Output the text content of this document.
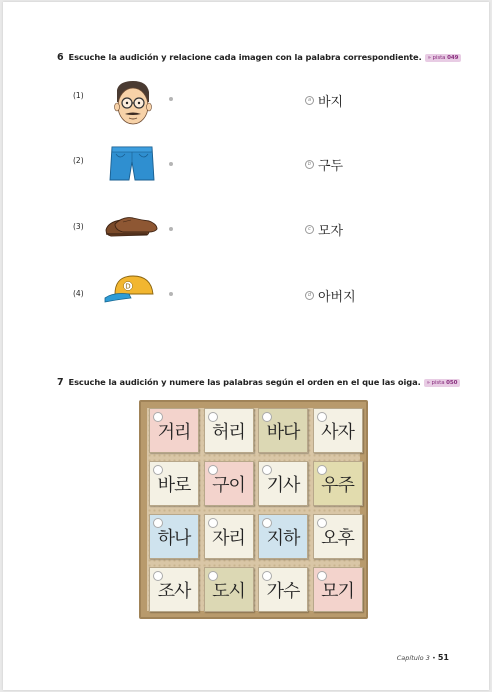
6 Escuche la audición y relacione cada imagen con la palabra correspondiente. » pista 049
(1)
(2)
(3)
(4)
D
a 바지
b 구두
c 모자
d 아버지
7 Escuche la audición y numere las palabras según el orden en el que las oiga. » pista 050
거리 허리 바다 사자
바로 구이 기사 우주
하나 자리 지하 오후
조사 도시 가수 모기
Capítulo 3 • 51
